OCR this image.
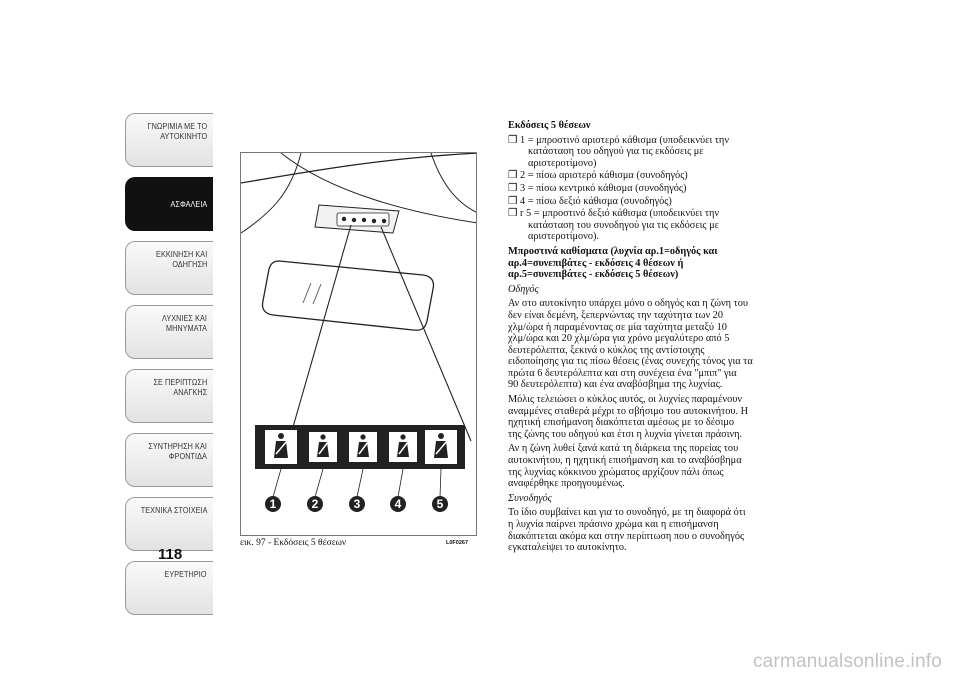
ΓΝΩΡΙΜΙΑ ΜΕ ΤΟ
ΑΥΤΟΚΙΝΗΤΟ
ΑΣΦΑΛΕΙΑ
ΕΚΚΙΝΗΣΗ ΚΑΙ
ΟΔΗΓΗΣΗ
ΛΥΧΝΙΕΣ ΚΑΙ
ΜΗΝΥΜΑΤΑ
ΣΕ ΠΕΡΙΠΤΩΣΗ
ΑΝΑΓΚΗΣ
ΣΥΝΤΗΡΗΣΗ ΚΑΙ
ΦΡΟΝΤΙΔΑ
ΤΕΧΝΙΚΑ ΣΤΟΙΧΕΙΑ
ΕΥΡΕΤΗΡΙΟ
118
1	2	3	4	5
εικ. 97 - Εκδόσεις 5 θέσεων	L0F0267

Εκδόσεις 5 θέσεων

❒ 1 = μπροστινό αριστερό κάθισμα (υποδεικνύει την

κατάσταση του οδηγού για τις εκδόσεις με
αριστεροτίμονο)
❒ 2 = πίσω αριστερό κάθισμα (συνοδηγός)
❒ 3 = πίσω κεντρικό κάθισμα (συνοδηγός)
❒ 4 = πίσω δεξιό κάθισμα (συνοδηγός)
❒ r 5 = μπροστινό δεξιό κάθισμα (υποδεικνύει την

κατάσταση του συνοδηγού για τις εκδόσεις με
αριστεροτίμονο).

Μπροστινά καθίσματα (λυχνία αρ.1=οδηγός και
αρ.4=συνεπιβάτες - εκδόσεις 4 θέσεων ή
αρ.5=συνεπιβάτες - εκδόσεις 5 θέσεων)

Οδηγός

Αν στο αυτοκίνητο υπάρχει μόνο ο οδηγός και η ζώνη του
δεν είναι δεμένη, ξεπερνώντας την ταχύτητα των 20
χλμ/ώρα ή παραμένοντας σε μία ταχύτητα μεταξύ 10
χλμ/ώρα και 20 χλμ/ώρα για χρόνο μεγαλύτερο από 5
δευτερόλεπτα, ξεκινά ο κύκλος της αντίστοιχης
ειδοποίησης για τις πίσω θέσεις (ένας συνεχής τόνος για τα
πρώτα 6 δευτερόλεπτα και στη συνέχεια ένα "μπιπ" για
90 δευτερόλεπτα) και ένα αναβόσβημα της λυχνίας.

Μόλις τελειώσει ο κύκλος αυτός, οι λυχνίες παραμένουν
αναμμένες σταθερά μέχρι το σβήσιμο του αυτοκινήτου. Η
ηχητική επισήμανση διακόπτεται αμέσως με το δέσιμο
της ζώνης του οδηγού και έτσι η λυχνία γίνεται πράσινη.

Αν η ζώνη λυθεί ξανά κατά τη διάρκεια της πορείας του
αυτοκινήτου, η ηχητική επισήμανση και το αναβόσβημα
της λυχνίας κόκκινου χρώματος αρχίζουν πάλι όπως
αναφέρθηκε προηγουμένως.

Συνοδηγός

Το ίδιο συμβαίνει και για το συνοδηγό, με τη διαφορά ότι
η λυχνία παίρνει πράσινο χρώμα και η επισήμανση
διακόπτεται ακόμα και στην περίπτωση που ο συνοδηγός
εγκαταλείψει το αυτοκίνητο.

carmanualsonline.info
